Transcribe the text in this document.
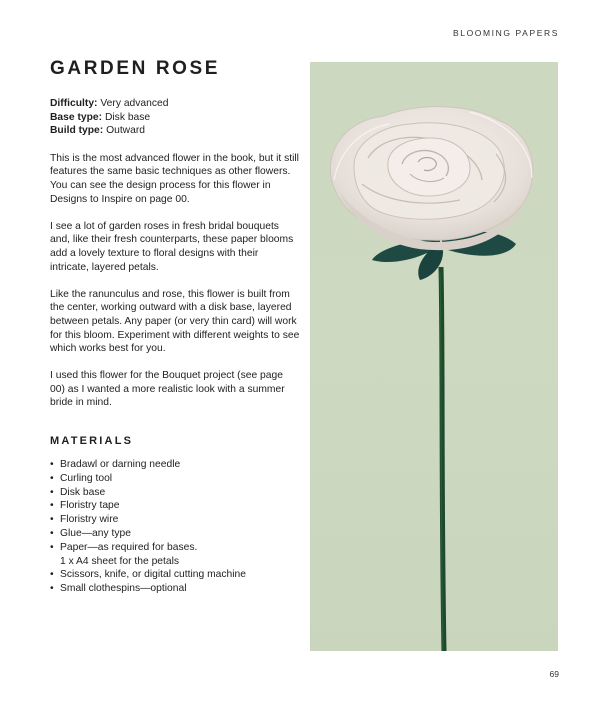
BLOOMING PAPERS
GARDEN ROSE
Difficulty: Very advanced
Base type: Disk base
Build type: Outward

This is the most advanced flower in the book, but it still features the same basic techniques as other flowers. You can see the design process for this flower in Designs to Inspire on page 00.

I see a lot of garden roses in fresh bridal bouquets and, like their fresh counterparts, these paper blooms add a lovely texture to floral designs with their intricate, layered petals.

Like the ranunculus and rose, this flower is built from the center, working outward with a disk base, layered between petals. Any paper (or very thin card) will work for this bloom. Experiment with different weights to see which works best for you.

I used this flower for the Bouquet project (see page 00) as I wanted a more realistic look with a summer bride in mind.

MATERIALS
• Bradawl or darning needle
• Curling tool
• Disk base
• Floristry tape
• Floristry wire
• Glue—any type
• Paper—as required for bases.
1 x A4 sheet for the petals
• Scissors, knife, or digital cutting machine
• Small clothespins—optional
69
